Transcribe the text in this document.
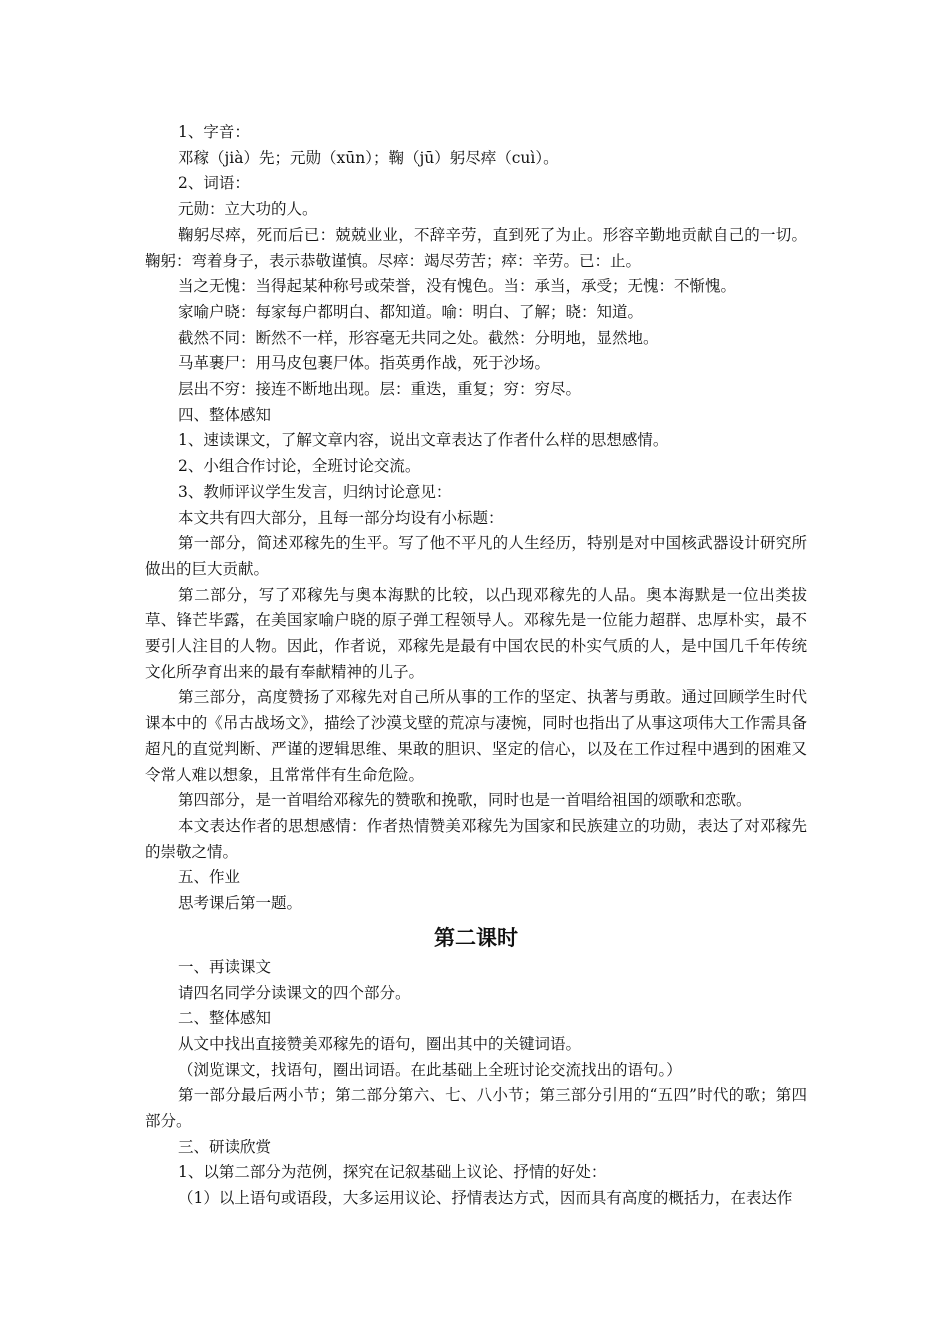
1、字音：

邓稼（jià）先；元勋（xūn）；鞠（jū）躬尽瘁（cuì）。

2、词语：

元勋：立大功的人。

鞠躬尽瘁，死而后已：兢兢业业，不辞辛劳，直到死了为止。形容辛勤地贡献自己的一切。鞠躬：弯着身子，表示恭敬谨慎。尽瘁：竭尽劳苦；瘁：辛劳。已：止。

当之无愧：当得起某种称号或荣誉，没有愧色。当：承当，承受；无愧：不惭愧。

家喻户晓：每家每户都明白、都知道。喻：明白、了解；晓：知道。

截然不同：断然不一样，形容毫无共同之处。截然：分明地，显然地。

马革裹尸：用马皮包裹尸体。指英勇作战，死于沙场。

层出不穷：接连不断地出现。层：重迭，重复；穷：穷尽。

四、整体感知

1、速读课文，了解文章内容，说出文章表达了作者什么样的思想感情。

2、小组合作讨论，全班讨论交流。

3、教师评议学生发言，归纳讨论意见：

本文共有四大部分，且每一部分均设有小标题：

第一部分，简述邓稼先的生平。写了他不平凡的人生经历，特别是对中国核武器设计研究所做出的巨大贡献。

第二部分，写了邓稼先与奥本海默的比较，以凸现邓稼先的人品。奥本海默是一位出类拔草、锋芒毕露，在美国家喻户晓的原子弹工程领导人。邓稼先是一位能力超群、忠厚朴实，最不要引人注目的人物。因此，作者说，邓稼先是最有中国农民的朴实气质的人，是中国几千年传统文化所孕育出来的最有奉献精神的儿子。

第三部分，高度赞扬了邓稼先对自己所从事的工作的坚定、执著与勇敢。通过回顾学生时代课本中的《吊古战场文》，描绘了沙漠戈壁的荒凉与凄惋，同时也指出了从事这项伟大工作需具备超凡的直觉判断、严谨的逻辑思维、果敢的胆识、坚定的信心，以及在工作过程中遇到的困难又令常人难以想象，且常常伴有生命危险。

第四部分，是一首唱给邓稼先的赞歌和挽歌，同时也是一首唱给祖国的颂歌和恋歌。

本文表达作者的思想感情：作者热情赞美邓稼先为国家和民族建立的功勋，表达了对邓稼先的崇敬之情。

五、作业

思考课后第一题。

第二课时

一、再读课文

请四名同学分读课文的四个部分。

二、整体感知

从文中找出直接赞美邓稼先的语句，圈出其中的关键词语。

（浏览课文，找语句，圈出词语。在此基础上全班讨论交流找出的语句。）

第一部分最后两小节；第二部分第六、七、八小节；第三部分引用的“五四”时代的歌；第四部分。

三、研读欣赏

1、以第二部分为范例，探究在记叙基础上议论、抒情的好处：

（1）以上语句或语段，大多运用议论、抒情表达方式，因而具有高度的概括力，在表达作
